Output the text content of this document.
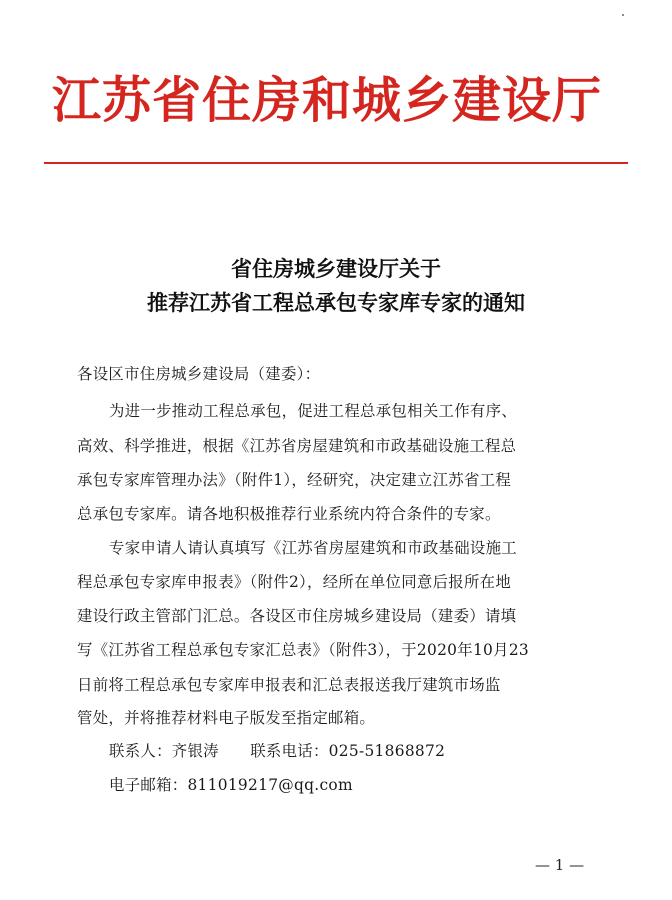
江苏省住房和城乡建设厅
省住房城乡建设厅关于
推荐江苏省工程总承包专家库专家的通知
各设区市住房城乡建设局（建委）：
为进一步推动工程总承包，促进工程总承包相关工作有序、
高效、科学推进，根据《江苏省房屋建筑和市政基础设施工程总
承包专家库管理办法》（附件1），经研究，决定建立江苏省工程
总承包专家库。请各地积极推荐行业系统内符合条件的专家。
专家申请人请认真填写《江苏省房屋建筑和市政基础设施工
程总承包专家库申报表》（附件2），经所在单位同意后报所在地
建设行政主管部门汇总。各设区市住房城乡建设局（建委）请填
写《江苏省工程总承包专家汇总表》（附件3），于2020年10月23
日前将工程总承包专家库申报表和汇总表报送我厅建筑市场监
管处，并将推荐材料电子版发至指定邮箱。
联系人：齐银涛　　联系电话：025-51868872
电子邮箱：811019217@qq.com
— 1 —
